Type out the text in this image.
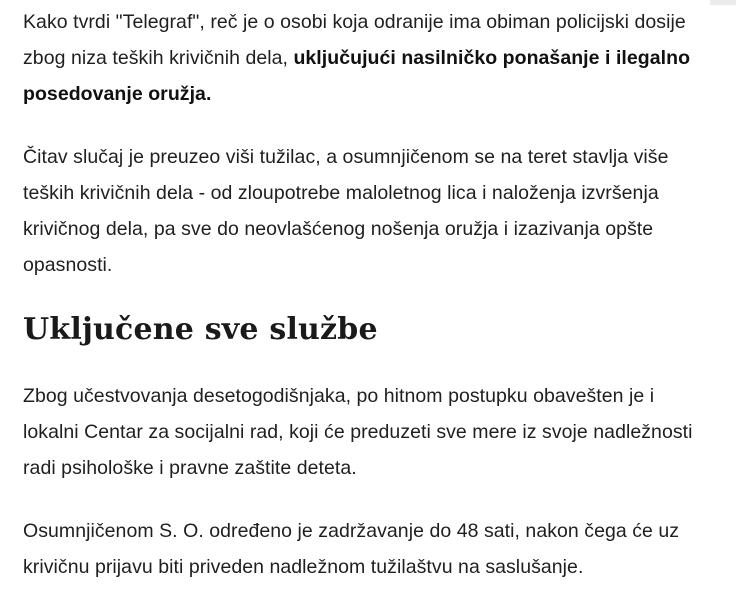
Kako tvrdi "Telegraf", reč je o osobi koja odranije ima obiman policijski dosije zbog niza teških krivičnih dela, uključujući nasilničko ponašanje i ilegalno posedovanje oružja.

Čitav slučaj je preuzeo viši tužilac, a osumnjičenom se na teret stavlja više teških krivičnih dela - od zloupotrebe maloletnog lica i naloženja izvršenja krivičnog dela, pa sve do neovlašćenog nošenja oružja i izazivanja opšte opasnosti.

Uključene sve službe

Zbog učestvovanja desetogodišnjaka, po hitnom postupku obavešten je i lokalni Centar za socijalni rad, koji će preduzeti sve mere iz svoje nadležnosti radi psihološke i pravne zaštite deteta.

Osumnjičenom S. O. određeno je zadržavanje do 48 sati, nakon čega će uz krivičnu prijavu biti priveden nadležnom tužilaštvu na saslušanje.
